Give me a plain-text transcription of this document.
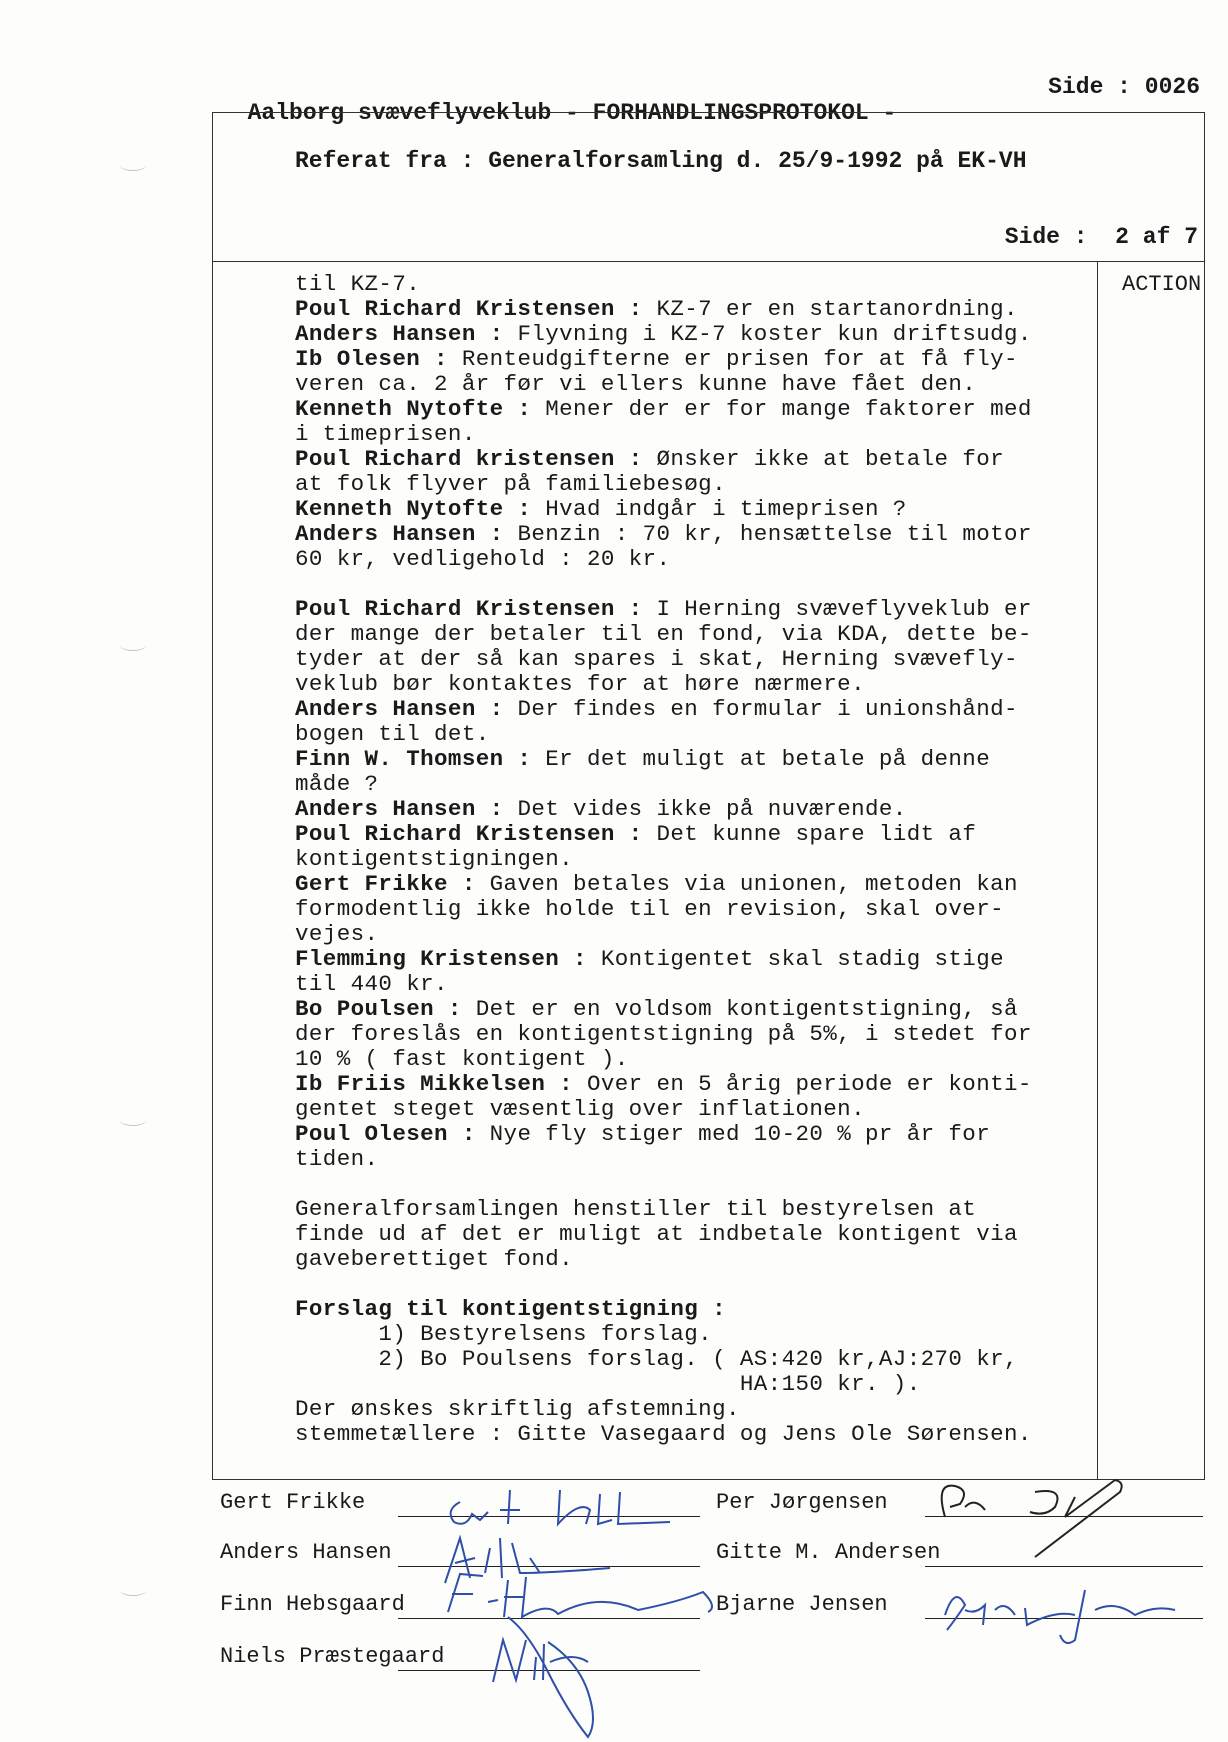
Aalborg svæveflyveklub - FORHANDLINGSPROTOKOL -

Side : 0026

Referat fra : Generalforsamling d. 25/9-1992 på EK-VH
Side :  2 af 7
ACTION
til KZ-7.
Poul Richard Kristensen : KZ-7 er en startanordning.
Anders Hansen : Flyvning i KZ-7 koster kun driftsudg.
Ib Olesen : Renteudgifterne er prisen for at få fly-
veren ca. 2 år før vi ellers kunne have fået den.
Kenneth Nytofte : Mener der er for mange faktorer med
i timeprisen.
Poul Richard kristensen : Ønsker ikke at betale for
at folk flyver på familiebesøg.
Kenneth Nytofte : Hvad indgår i timeprisen ?
Anders Hansen : Benzin : 70 kr, hensættelse til motor
60 kr, vedligehold : 20 kr.
Poul Richard Kristensen : I Herning svæveflyveklub er
der mange der betaler til en fond, via KDA, dette be-
tyder at der så kan spares i skat, Herning svævefly-
veklub bør kontaktes for at høre nærmere.
Anders Hansen : Der findes en formular i unionshånd-
bogen til det.
Finn W. Thomsen : Er det muligt at betale på denne
måde ?
Anders Hansen : Det vides ikke på nuværende.
Poul Richard Kristensen : Det kunne spare lidt af
kontigentstigningen.
Gert Frikke : Gaven betales via unionen, metoden kan
formodentlig ikke holde til en revision, skal over-
vejes.
Flemming Kristensen : Kontigentet skal stadig stige
til 440 kr.
Bo Poulsen : Det er en voldsom kontigentstigning, så
der foreslås en kontigentstigning på 5%, i stedet for
10 % ( fast kontigent ).
Ib Friis Mikkelsen : Over en 5 årig periode er konti-
gentet steget væsentlig over inflationen.
Poul Olesen : Nye fly stiger med 10-20 % pr år for
tiden.
Generalforsamlingen henstiller til bestyrelsen at
finde ud af det er muligt at indbetale kontigent via
gaveberettiget fond.
Forslag til kontigentstigning :
1) Bestyrelsens forslag.
2) Bo Poulsens forslag. ( AS:420 kr,AJ:270 kr,
HA:150 kr. ).
Der ønskes skriftlig afstemning.
stemmetællere : Gitte Vasegaard og Jens Ole Sørensen.
Gert Frikke
Anders Hansen
Finn Hebsgaard
Niels Præstegaard
Per Jørgensen
Gitte M. Andersen
Bjarne Jensen
